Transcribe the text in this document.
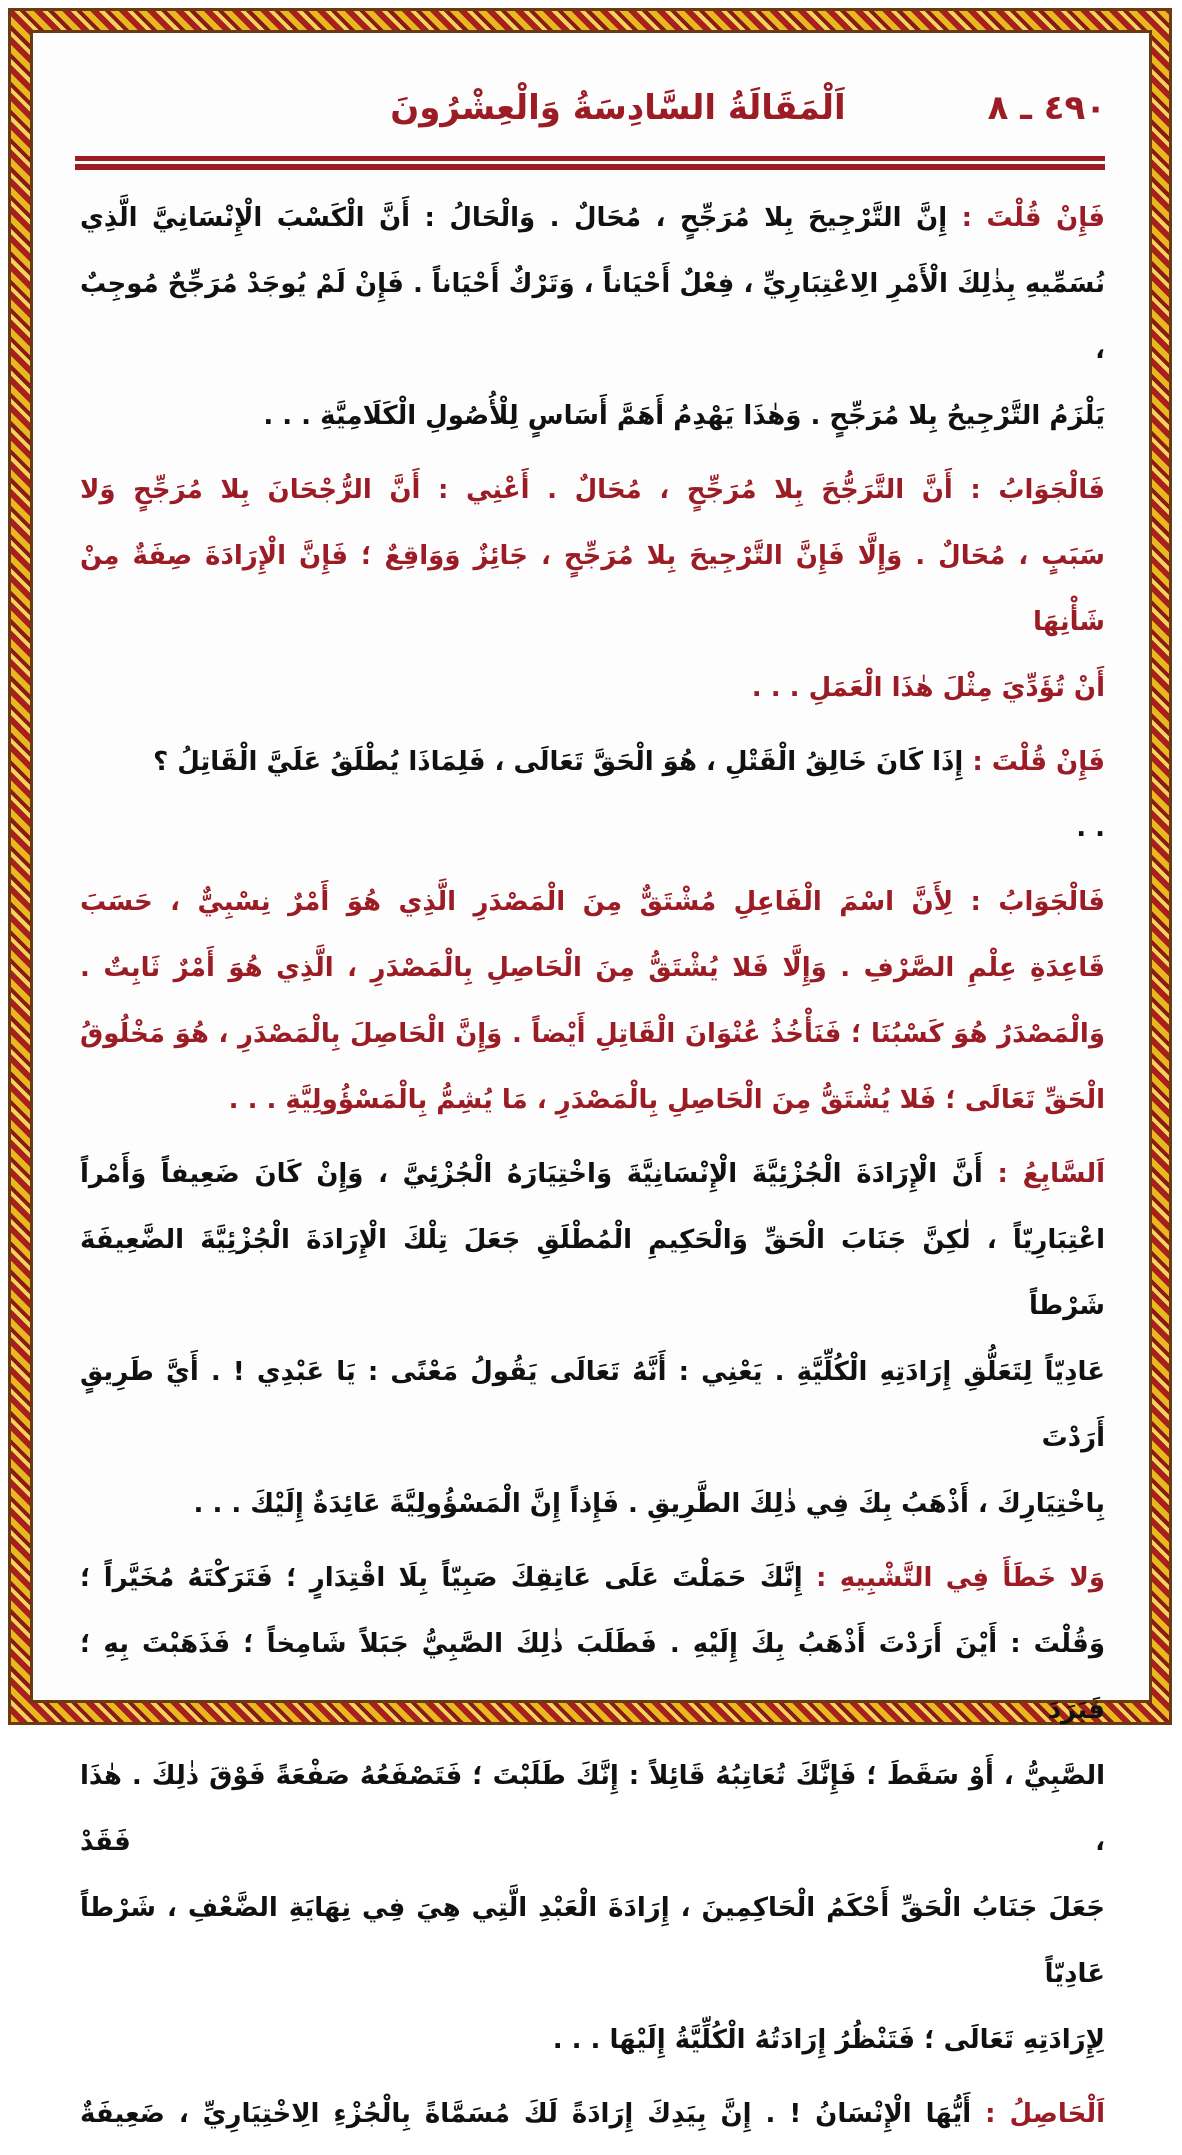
٤٩٠ ـ ٨
اَلْمَقَالَةُ السَّادِسَةُ وَالْعِشْرُونَ
فَإِنْ قُلْتَ : إِنَّ التَّرْجِيحَ بِلا مُرَجِّحٍ ، مُحَالٌ . وَالْحَالُ : أَنَّ الْكَسْبَ الْإِنْسَانِيَّ الَّذِي
نُسَمِّيهِ بِذٰلِكَ الْأَمْرِ الِاعْتِبَارِيِّ ، فِعْلٌ أَحْيَاناً ، وَتَرْكٌ أَحْيَاناً . فَإِنْ لَمْ يُوجَدْ مُرَجِّحٌ مُوجِبٌ ،
يَلْزَمُ التَّرْجِيحُ بِلا مُرَجِّحٍ . وَهٰذَا يَهْدِمُ أَهَمَّ أَسَاسٍ لِلْأُصُولِ الْكَلَامِيَّةِ . . .
فَالْجَوَابُ : أَنَّ التَّرَجُّحَ بِلا مُرَجِّحٍ ، مُحَالٌ . أَعْنِي : أَنَّ الرُّجْحَانَ بِلا مُرَجِّحٍ وَلا
سَبَبٍ ، مُحَالٌ . وَإِلَّا فَإِنَّ التَّرْجِيحَ بِلا مُرَجِّحٍ ، جَائِزٌ وَوَاقِعٌ ؛ فَإِنَّ الْإِرَادَةَ صِفَةٌ مِنْ شَأْنِهَا
أَنْ تُؤَدِّيَ مِثْلَ هٰذَا الْعَمَلِ . . .
فَإِنْ قُلْتَ : إِذَا كَانَ خَالِقُ الْقَتْلِ ، هُوَ الْحَقَّ تَعَالَى ، فَلِمَاذَا يُطْلَقُ عَلَيَّ الْقَاتِلُ ؟ . .
فَالْجَوَابُ : لِأَنَّ اسْمَ الْفَاعِلِ مُشْتَقٌّ مِنَ الْمَصْدَرِ الَّذِي هُوَ أَمْرٌ نِسْبِيٌّ ، حَسَبَ
قَاعِدَةِ عِلْمِ الصَّرْفِ . وَإِلَّا فَلا يُشْتَقُّ مِنَ الْحَاصِلِ بِالْمَصْدَرِ ، الَّذِي هُوَ أَمْرٌ ثَابِتٌ .
وَالْمَصْدَرُ هُوَ كَسْبُنَا ؛ فَنَأْخُذُ عُنْوَانَ الْقَاتِلِ أَيْضاً . وَإِنَّ الْحَاصِلَ بِالْمَصْدَرِ ، هُوَ مَخْلُوقُ
الْحَقِّ تَعَالَى ؛ فَلا يُشْتَقُّ مِنَ الْحَاصِلِ بِالْمَصْدَرِ ، مَا يُشِمُّ بِالْمَسْؤُولِيَّةِ . . .
اَلسَّابِعُ : أَنَّ الْإِرَادَةَ الْجُزْئِيَّةَ الْإِنْسَانِيَّةَ وَاخْتِيَارَهُ الْجُزْئِيَّ ، وَإِنْ كَانَ ضَعِيفاً وَأَمْراً
اعْتِبَارِيّاً ، لٰكِنَّ جَنَابَ الْحَقِّ وَالْحَكِيمِ الْمُطْلَقِ جَعَلَ تِلْكَ الْإِرَادَةَ الْجُزْئِيَّةَ الضَّعِيفَةَ شَرْطاً
عَادِيّاً لِتَعَلُّقِ إِرَادَتِهِ الْكُلِّيَّةِ . يَعْنِي : أَنَّهُ تَعَالَى يَقُولُ مَعْنًى : يَا عَبْدِي ! . أَيَّ طَرِيقٍ أَرَدْتَ
بِاخْتِيَارِكَ ، أَذْهَبُ بِكَ فِي ذٰلِكَ الطَّرِيقِ . فَإِذاً إِنَّ الْمَسْؤُولِيَّةَ عَائِدَةٌ إِلَيْكَ . . .
وَلا خَطَأَ فِي التَّشْبِيهِ : إِنَّكَ حَمَلْتَ عَلَى عَاتِقِكَ صَبِيّاً بِلَا اقْتِدَارٍ ؛ فَتَرَكْتَهُ مُخَيَّراً ؛
وَقُلْتَ : أَيْنَ أَرَدْتَ أَذْهَبُ بِكَ إِلَيْهِ . فَطَلَبَ ذٰلِكَ الصَّبِيُّ جَبَلاً شَامِخاً ؛ فَذَهَبْتَ بِهِ ؛ فَبَرَدَ
الصَّبِيُّ ، أَوْ سَقَطَ ؛ فَإِنَّكَ تُعَاتِبُهُ قَائِلاً : إِنَّكَ طَلَبْتَ ؛ فَتَصْفَعُهُ صَفْعَةً فَوْقَ ذٰلِكَ . هٰذَا ، فَقَدْ
جَعَلَ جَنَابُ الْحَقِّ أَحْكَمُ الْحَاكِمِينَ ، إِرَادَةَ الْعَبْدِ الَّتِي هِيَ فِي نِهَايَةِ الضَّعْفِ ، شَرْطاً عَادِيّاً
لِإِرَادَتِهِ تَعَالَى ؛ فَتَنْظُرُ إِرَادَتُهُ الْكُلِّيَّةُ إِلَيْهَا . . .
اَلْحَاصِلُ : أَيُّهَا الْإِنْسَانُ ! . إِنَّ بِيَدِكَ إِرَادَةً لَكَ مُسَمَّاةً بِالْجُزْءِ الِاخْتِيَارِيِّ ، ضَعِيفَةٌ
